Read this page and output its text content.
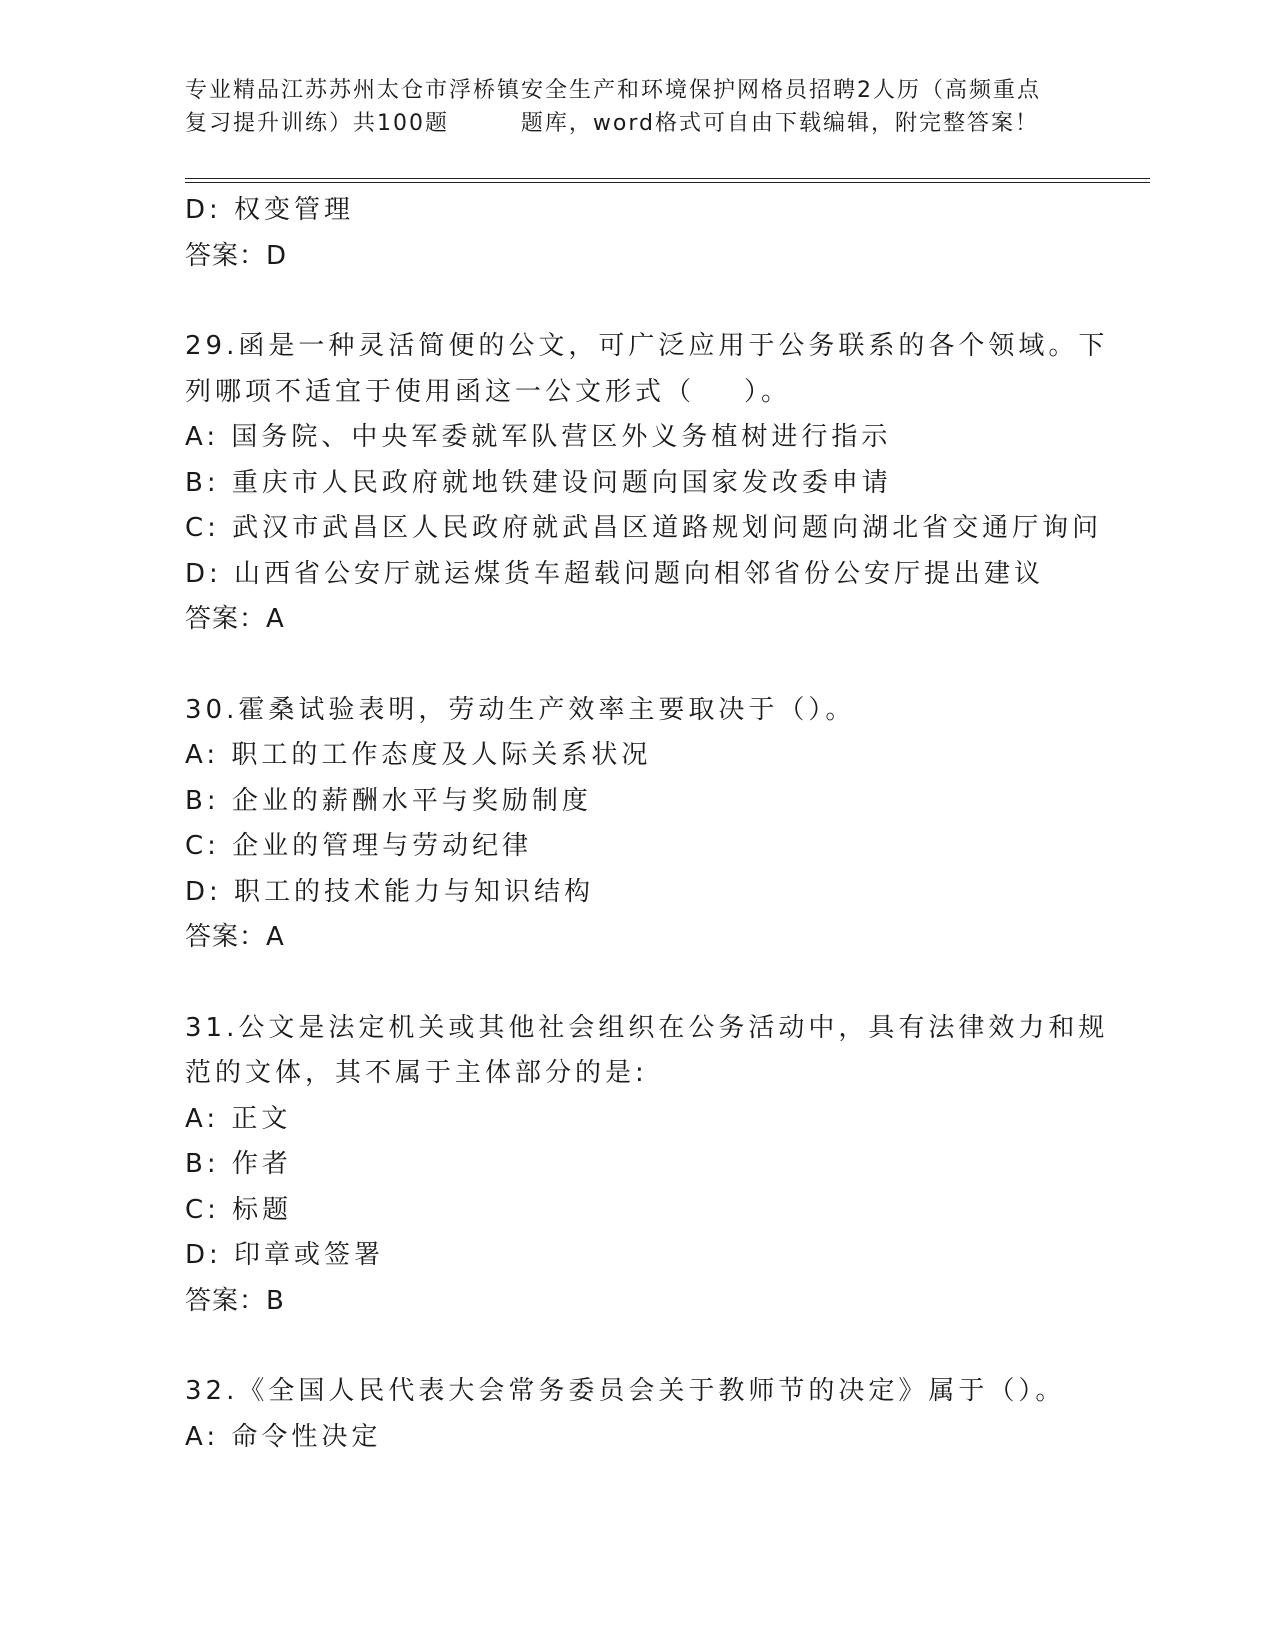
专业精品江苏苏州太仓市浮桥镇安全生产和环境保护网格员招聘2人历（高频重点
复习提升训练）共100题        题库，word格式可自由下载编辑，附完整答案！
D: 权变管理
答案：D
29.函是一种灵活简便的公文，可广泛应用于公务联系的各个领域。下
列哪项不适宜于使用函这一公文形式（    ）。
A: 国务院、中央军委就军队营区外义务植树进行指示
B: 重庆市人民政府就地铁建设问题向国家发改委申请
C: 武汉市武昌区人民政府就武昌区道路规划问题向湖北省交通厅询问
D: 山西省公安厅就运煤货车超载问题向相邻省份公安厅提出建议
答案：A
30.霍桑试验表明，劳动生产效率主要取决于（）。
A: 职工的工作态度及人际关系状况
B: 企业的薪酬水平与奖励制度
C: 企业的管理与劳动纪律
D: 职工的技术能力与知识结构
答案：A
31.公文是法定机关或其他社会组织在公务活动中，具有法律效力和规
范的文体，其不属于主体部分的是:
A: 正文
B: 作者
C: 标题
D: 印章或签署
答案：B
32.《全国人民代表大会常务委员会关于教师节的决定》属于（）。
A: 命令性决定
